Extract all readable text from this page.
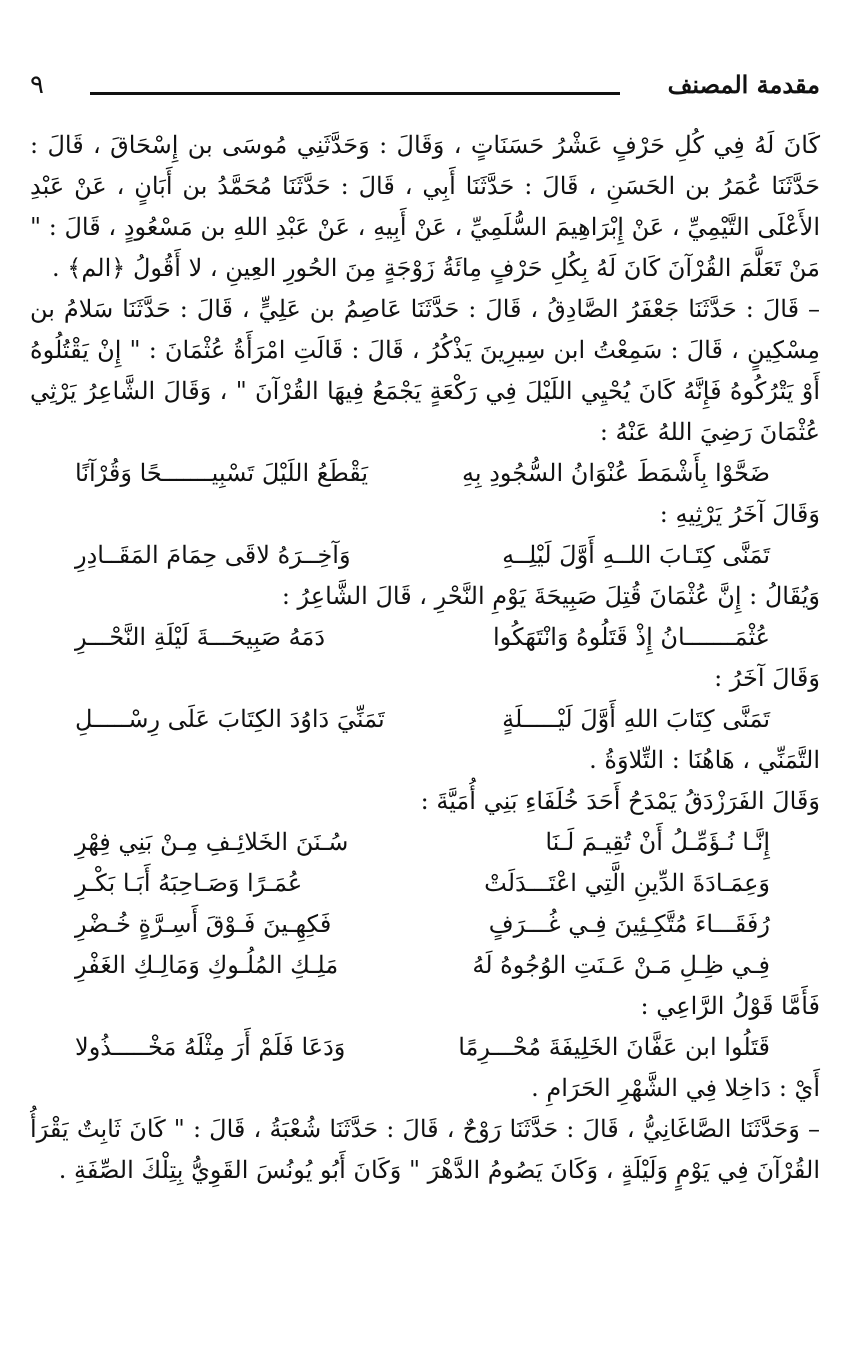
٩	مقدمة المصنف

كَانَ لَهُ فِي كُلِ حَرْفٍ عَشْرُ حَسَنَاتٍ ، وَقَالَ : وَحَدَّثَنِي مُوسَى بن إِسْحَاقَ ، قَالَ : حَدَّثَنَا عُمَرُ بن الحَسَنِ ، قَالَ : حَدَّثَنَا أَبِي ، قَالَ : حَدَّثَنَا مُحَمَّدُ بن أَبَانٍ ، عَنْ عَبْدِ الأَعْلَى التَّيْمِيِّ ، عَنْ إِبْرَاهِيمَ السُّلَمِيِّ ، عَنْ أَبِيهِ ، عَنْ عَبْدِ اللهِ بن مَسْعُودٍ ، قَالَ : " مَنْ تَعَلَّمَ القُرْآنَ كَانَ لَهُ بِكُلِ حَرْفٍ مِائَةُ زَوْجَةٍ مِنَ الحُورِ العِينِ ، لا أَقُولُ ﴿الم﴾ .

– قَالَ : حَدَّثَنَا جَعْفَرُ الصَّادِقُ ، قَالَ : حَدَّثَنَا عَاصِمُ بن عَلِيٍّ ، قَالَ : حَدَّثَنَا سَلامُ بن مِسْكِينٍ ، قَالَ : سَمِعْتُ ابن سِيرِينَ يَذْكُرُ ، قَالَ : قَالَتِ امْرَأَةُ عُثْمَانَ : " إِنْ يَقْتُلُوهُ أَوْ يَتْرُكُوهُ فَإِنَّهُ كَانَ يُحْيِي اللَيْلَ فِي رَكْعَةٍ يَجْمَعُ فِيهَا القُرْآنَ " ، وَقَالَ الشَّاعِرُ يَرْثِي عُثْمَانَ رَضِيَ اللهُ عَنْهُ :

ضَحَّوْا بِأَشْمَطَ عُنْوَانُ السُّجُودِ بِهِ
يَقْطَعُ اللَيْلَ تَسْبِيـــــــحًا وَقُرْآنًا

وَقَالَ آخَرُ يَرْثِيهِ :

تَمَنَّى كِتَـابَ اللــهِ أَوَّلَ لَيْلِــهِ
وَآخِــرَهُ لاقَى حِمَامَ المَقَــادِرِ

وَيُقَالُ : إِنَّ عُثْمَانَ قُتِلَ صَبِيحَةَ يَوْمِ النَّحْرِ ، قَالَ الشَّاعِرُ :

عُثْمَـــــــانُ إِذْ قَتَلُوهُ وَانْتَهَكُوا
دَمَهُ صَبِيحَـــةَ لَيْلَةِ النَّحْـــرِ

وَقَالَ آخَرُ :

تَمَنَّى كِتَابَ اللهِ أَوَّلَ لَيْـــــلَةٍ
تَمَنِّيَ دَاوُدَ الكِتَابَ عَلَى رِسْـــــلِ

التَّمَنِّي ، هَاهُنَا : التِّلاوَةُ .

وَقَالَ الفَرَزْدَقُ يَمْدَحُ أَحَدَ خُلَفَاءِ بَنِي أُمَيَّةَ :

إِنَّـا نُـؤَمِّـلُ أَنْ تُقِيـمَ لَـنَا
سُـنَنَ الخَلائِـفِ مِـنْ بَنِي فِهْرِ
وَعِمَـادَةَ الدِّينِ الَّتِي اعْتَـــدَلَتْ
عُمَـرًا وَصَـاحِبَهُ أَبَـا بَكْـرِ
رُفَقَـــاءَ مُتَّكِـئِينَ فِـي غُـــرَفٍ
فَكِهِـينَ فَـوْقَ أَسِـرَّةٍ خُـضْرِ
فِـي ظِـلِ مَـنْ عَـنَتِ الوُجُوهُ لَهُ
مَلِـكِ المُلُـوكِ وَمَالِـكِ الغَفْرِ

فَأَمَّا قَوْلُ الرَّاعِي :

قَتَلُوا ابن عَفَّانَ الخَلِيفَةَ مُحْـــرِمًا
وَدَعَا فَلَمْ أَرَ مِثْلَهُ مَخْـــــذُولا

أَيْ : دَاخِلا فِي الشَّهْرِ الحَرَامِ .

– وَحَدَّثَنَا الصَّاغَانِيُّ ، قَالَ : حَدَّثَنَا رَوْحٌ ، قَالَ : حَدَّثَنَا شُعْبَةُ ، قَالَ : " كَانَ ثَابِتٌ يَقْرَأُ القُرْآنَ فِي يَوْمٍ وَلَيْلَةٍ ، وَكَانَ يَصُومُ الدَّهْرَ " وَكَانَ أَبُو يُونُسَ القَوِيُّ بِتِلْكَ الصِّفَةِ .
